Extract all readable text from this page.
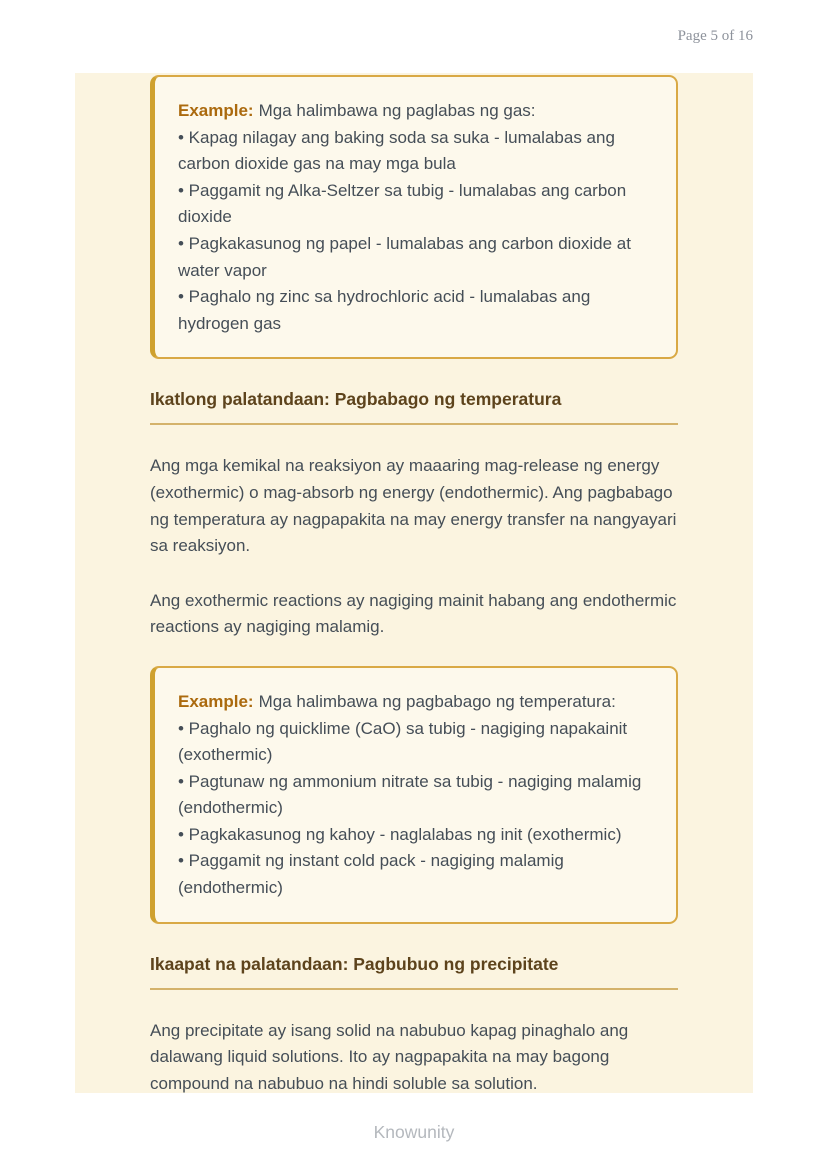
Page 5 of 16
Example: Mga halimbawa ng paglabas ng gas:
• Kapag nilagay ang baking soda sa suka - lumalabas ang carbon dioxide gas na may mga bula
• Paggamit ng Alka-Seltzer sa tubig - lumalabas ang carbon dioxide
• Pagkakasunog ng papel - lumalabas ang carbon dioxide at water vapor
• Paghalo ng zinc sa hydrochloric acid - lumalabas ang hydrogen gas
Ikatlong palatandaan: Pagbabago ng temperatura
Ang mga kemikal na reaksiyon ay maaaring mag-release ng energy (exothermic) o mag-absorb ng energy (endothermic). Ang pagbabago ng temperatura ay nagpapakita na may energy transfer na nangyayari sa reaksiyon.
Ang exothermic reactions ay nagiging mainit habang ang endothermic reactions ay nagiging malamig.
Example: Mga halimbawa ng pagbabago ng temperatura:
• Paghalo ng quicklime (CaO) sa tubig - nagiging napakainit (exothermic)
• Pagtunaw ng ammonium nitrate sa tubig - nagiging malamig (endothermic)
• Pagkakasunog ng kahoy - naglalabas ng init (exothermic)
• Paggamit ng instant cold pack - nagiging malamig (endothermic)
Ikaapat na palatandaan: Pagbubuo ng precipitate
Ang precipitate ay isang solid na nabubuo kapag pinaghalo ang dalawang liquid solutions. Ito ay nagpapakita na may bagong compound na nabubuo na hindi soluble sa solution.
Knowunity
